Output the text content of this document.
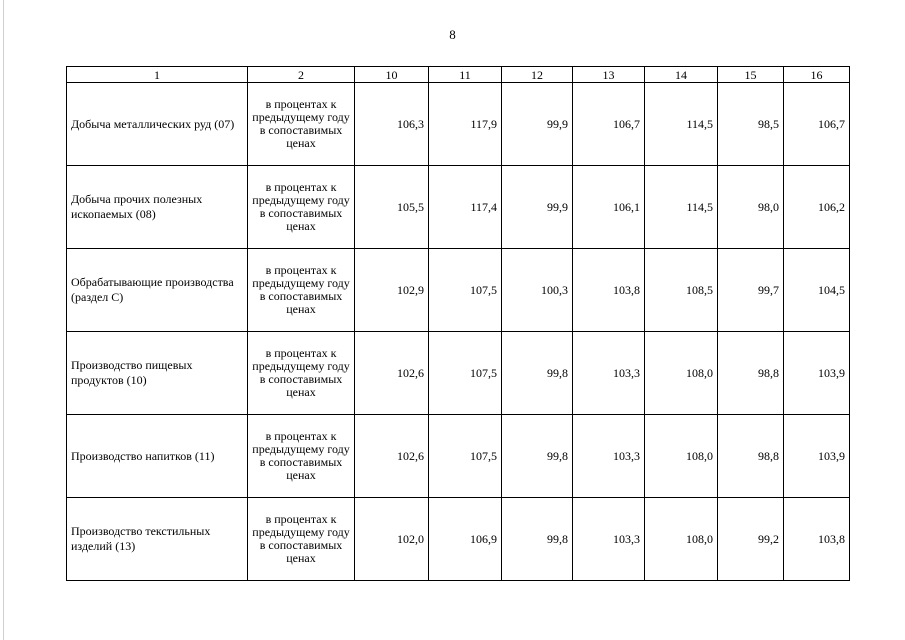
8
1	2	10	11	12	13	14	15	16
Добыча металлических руд (07)	в процентах к предыдущему году в сопоставимых ценах	106,3	117,9	99,9	106,7	114,5	98,5	106,7
Добыча прочих полезных ископаемых (08)	в процентах к предыдущему году в сопоставимых ценах	105,5	117,4	99,9	106,1	114,5	98,0	106,2
Обрабатывающие производства (раздел C)	в процентах к предыдущему году в сопоставимых ценах	102,9	107,5	100,3	103,8	108,5	99,7	104,5
Производство пищевых продуктов (10)	в процентах к предыдущему году в сопоставимых ценах	102,6	107,5	99,8	103,3	108,0	98,8	103,9
Производство напитков (11)	в процентах к предыдущему году в сопоставимых ценах	102,6	107,5	99,8	103,3	108,0	98,8	103,9
Производство текстильных изделий (13)	в процентах к предыдущему году в сопоставимых ценах	102,0	106,9	99,8	103,3	108,0	99,2	103,8
